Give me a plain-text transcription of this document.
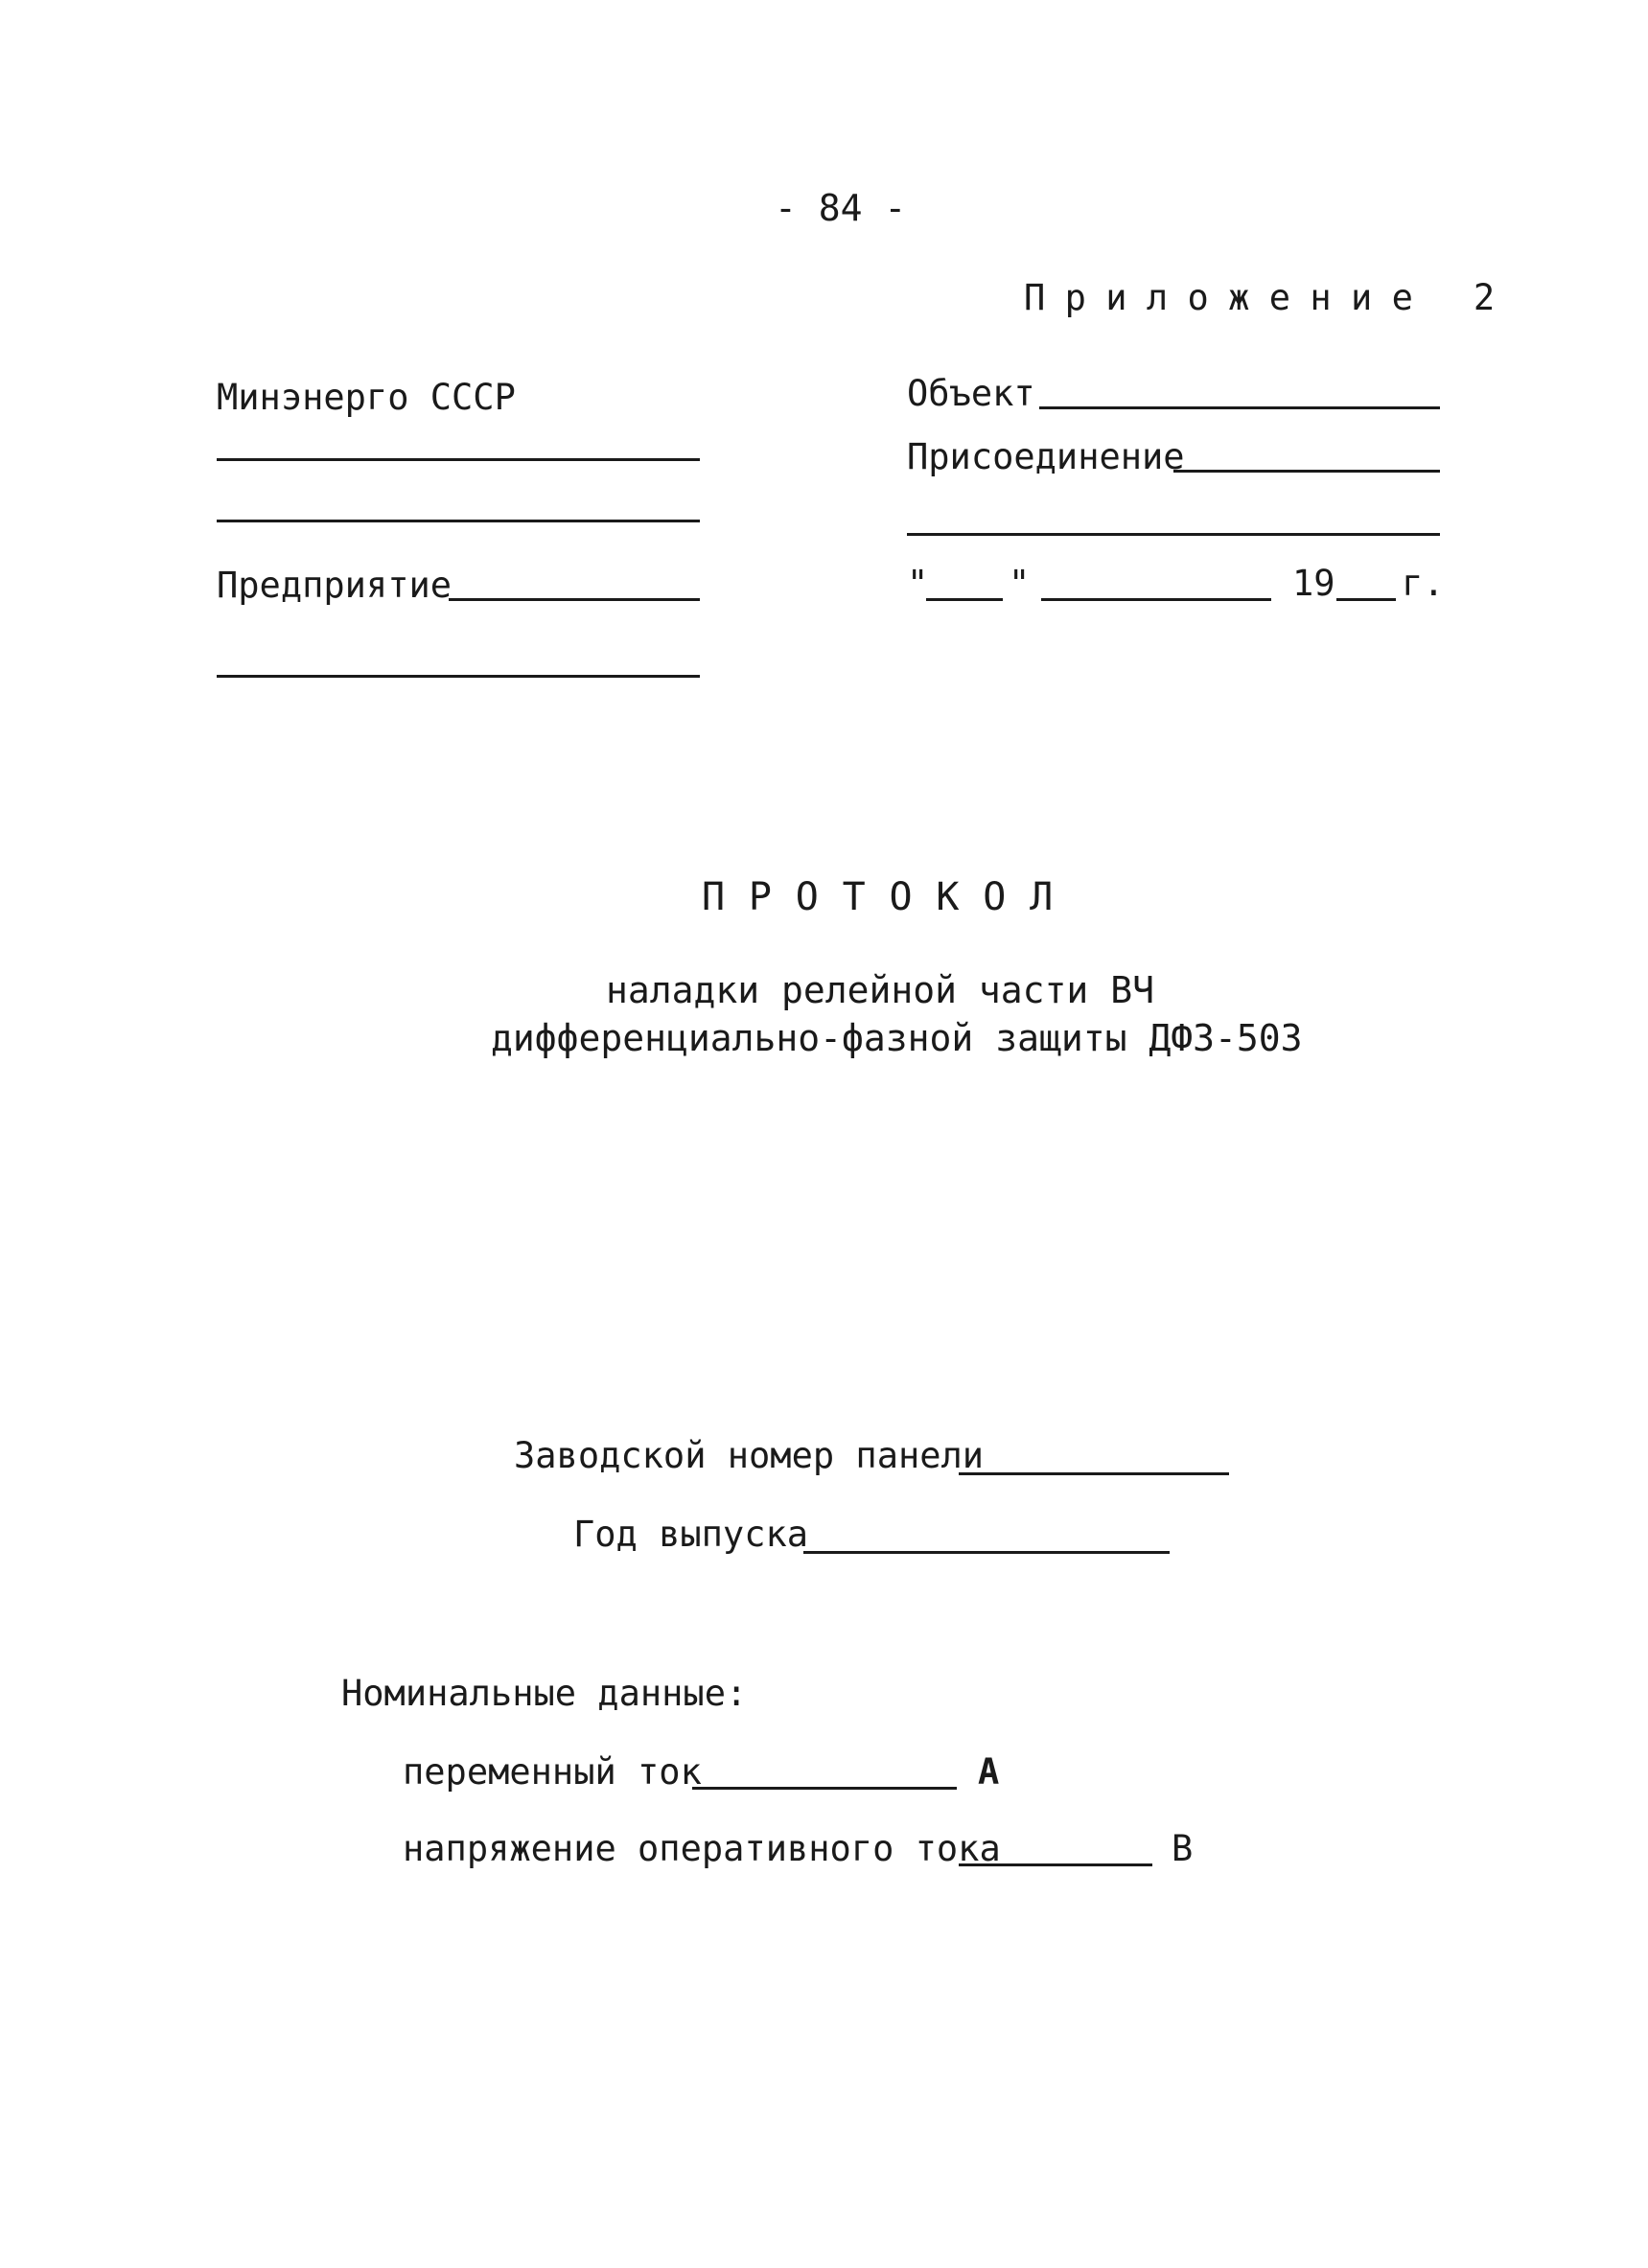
- 84 -
Приложение 2
Минэнерго СССР
Предприятие
Объект
Присоединение
" "	19 г.
ПРОТОКОЛ
наладки релейной части ВЧ
дифференциально-фазной защиты ДФЗ-503
Заводской номер панели
Год выпуска
Номинальные данные:
переменный ток	А
напряжение оперативного тока	В
